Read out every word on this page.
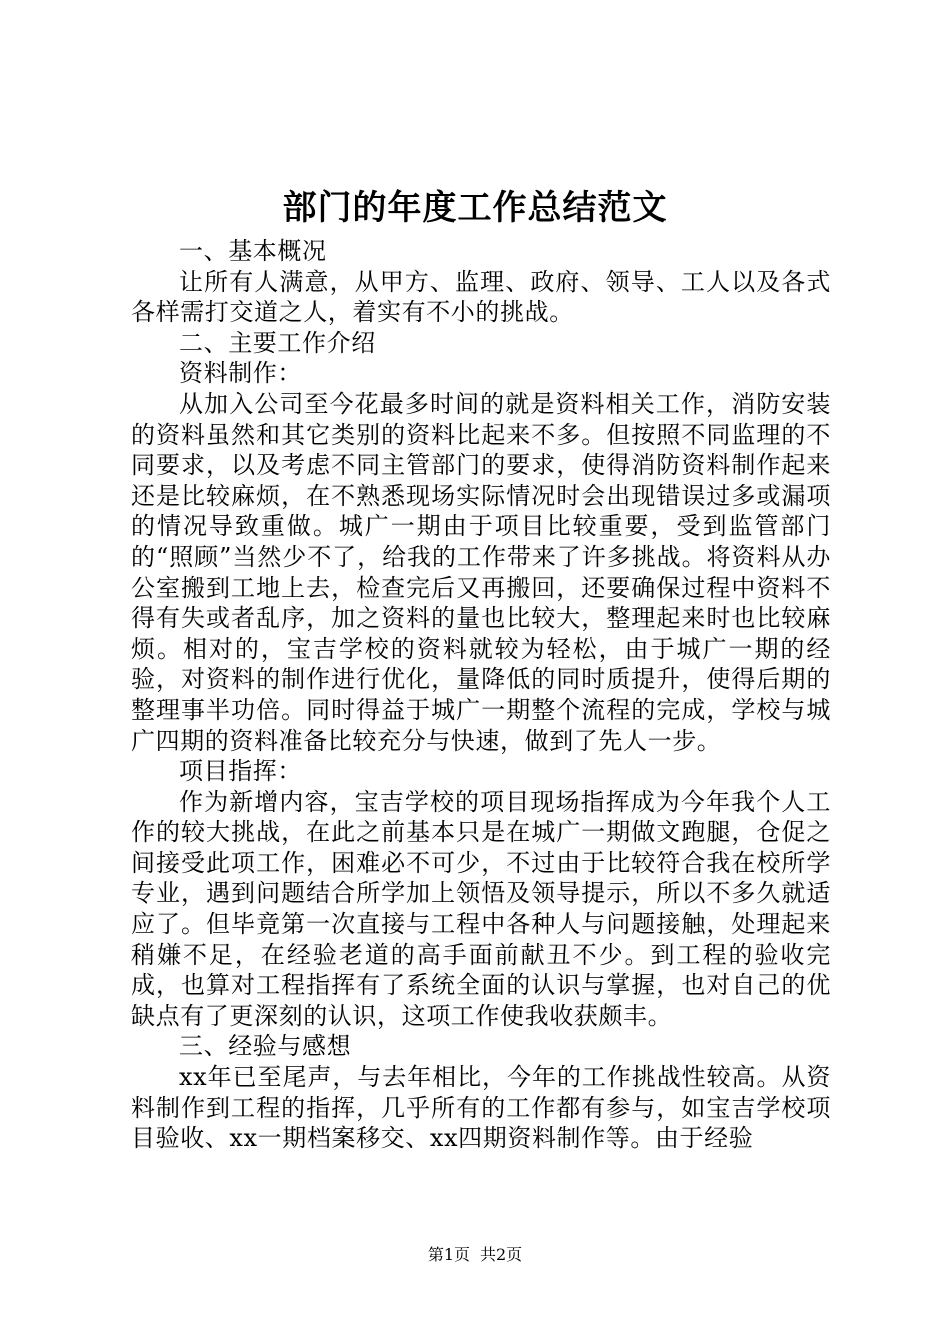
部门的年度工作总结范文

一、基本概况

让所有人满意，从甲方、监理、政府、领导、工人以及各式各样需打交道之人，着实有不小的挑战。

二、主要工作介绍

资料制作：

从加入公司至今花最多时间的就是资料相关工作，消防安装的资料虽然和其它类别的资料比起来不多。但按照不同监理的不同要求，以及考虑不同主管部门的要求，使得消防资料制作起来还是比较麻烦，在不熟悉现场实际情况时会出现错误过多或漏项的情况导致重做。城广一期由于项目比较重要，受到监管部门的“照顾”当然少不了，给我的工作带来了许多挑战。将资料从办公室搬到工地上去，检查完后又再搬回，还要确保过程中资料不得有失或者乱序，加之资料的量也比较大，整理起来时也比较麻烦。相对的，宝吉学校的资料就较为轻松，由于城广一期的经验，对资料的制作进行优化，量降低的同时质提升，使得后期的整理事半功倍。同时得益于城广一期整个流程的完成，学校与城广四期的资料准备比较充分与快速，做到了先人一步。

项目指挥：

作为新增内容，宝吉学校的项目现场指挥成为今年我个人工作的较大挑战，在此之前基本只是在城广一期做文跑腿，仓促之间接受此项工作，困难必不可少，不过由于比较符合我在校所学专业，遇到问题结合所学加上领悟及领导提示，所以不多久就适应了。但毕竟第一次直接与工程中各种人与问题接触，处理起来稍嫌不足，在经验老道的高手面前献丑不少。到工程的验收完成，也算对工程指挥有了系统全面的认识与掌握，也对自己的优缺点有了更深刻的认识，这项工作使我收获颇丰。

三、经验与感想

xx年已至尾声，与去年相比，今年的工作挑战性较高。从资料制作到工程的指挥，几乎所有的工作都有参与，如宝吉学校项目验收、xx一期档案移交、xx四期资料制作等。由于经验

第1页 共2页
